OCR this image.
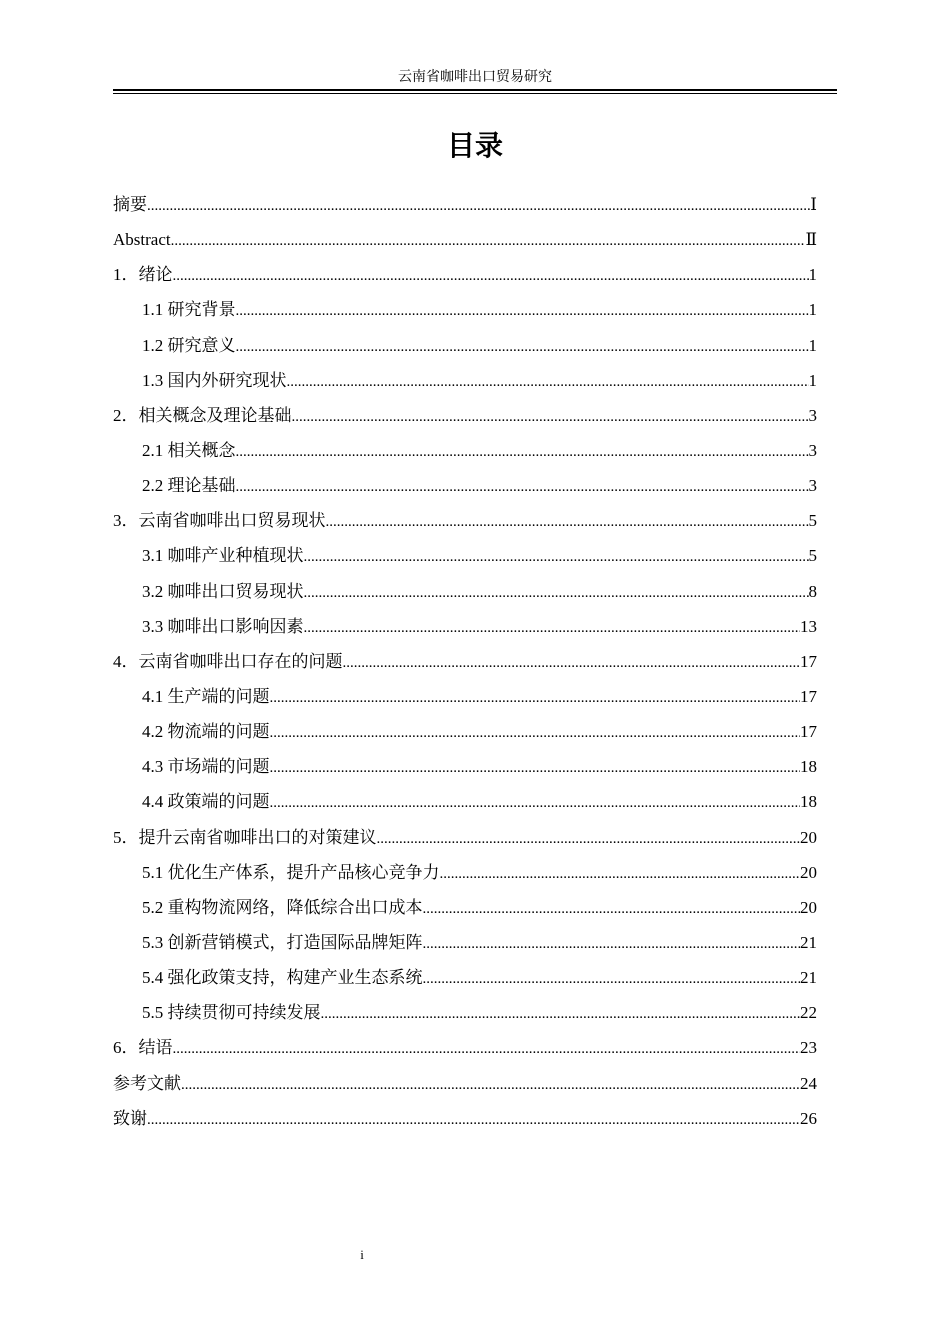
云南省咖啡出口贸易研究
目录
摘要 .....	Ⅰ
Abstract .....	Ⅱ
1．绪论 .....	1
1.1 研究背景 .....	1
1.2 研究意义 .....	1
1.3 国内外研究现状 .....	1
2．相关概念及理论基础 .....	3
2.1 相关概念 .....	3
2.2 理论基础 .....	3
3．云南省咖啡出口贸易现状 .....	5
3.1 咖啡产业种植现状 .....	5
3.2 咖啡出口贸易现状 .....	8
3.3 咖啡出口影响因素 .....	13
4．云南省咖啡出口存在的问题 .....	17
4.1 生产端的问题 .....	17
4.2 物流端的问题 .....	17
4.3 市场端的问题 .....	18
4.4 政策端的问题 .....	18
5．提升云南省咖啡出口的对策建议 .....	20
5.1 优化生产体系，提升产品核心竞争力 .....	20
5.2 重构物流网络，降低综合出口成本 .....	20
5.3 创新营销模式，打造国际品牌矩阵 .....	21
5.4 强化政策支持，构建产业生态系统 .....	21
5.5 持续贯彻可持续发展 .....	22
6．结语 .....	23
参考文献 .....	24
致谢 .....	26
i
